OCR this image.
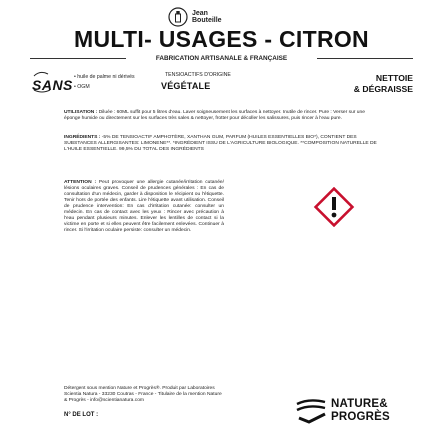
Jean
Bouteille
MULTI- USAGES - CITRON
FABRICATION ARTISANALE & FRANÇAISE
SANS • huile de palme ni dérivés
• OGM
TENSIOACTIFS D'ORIGINE
VÉGÉTALE
NETTOIE
& DÉGRAISSE
UTILISATION : Diluée : 60ML suffit pour 5 litres d'eau. Laver soigneusement les surfaces à nettoyer. Inutile de rincer. Pure : Verser sur une éponge humide ou directement sur les surfaces très sales & nettoyer, frotter pour décoller les salissures, puis rincer à l'eau pure.
INGRÉDIENTS : -5% DE TENSIOACTIF AMPHOTÈRE, XANTHAN GUM, PARFUM (HUILES ESSENTIELLES BIO*), CONTIENT DES SUBSTANCES ALLERGISANTES: LIMONENE**. *INGRÉDIENT ISSU DE L'AGRICULTURE BIOLOGIQUE. **COMPOSITION NATURELLE DE L'HUILE ESSENTIELLE. 99,5% DU TOTAL DES INGRÉDIENTS
ATTENTION : Peut provoquer une allergie cutanée/irritation cutanée/ lésions oculaires graves. Conseil de prudences générales : En cas de consultation d'un médecin, garder à disposition le récipient ou l'étiquette. Tenir hors de portée des enfants. Lire l'étiquette avant utilisation. Conseil de prudence intervention: En cas d'irritation cutanée: consulter un médecin. En cas de contact avec les yeux : Rincer avec précaution à l'eau pendant plusieurs minutes. Enlever les lentilles de contact si la victime en porte et si elles peuvent être facilement enlevées. Continuer à rincer. Si l'irritation oculaire persiste: consulter un médecin.
Détergent sous mention Nature et Progrès®. Produit par Laboratoires
Scientia Natura - 33230 Coutras - France - Titulaire de la mention Nature
& Progrès - info@scientianatura.com
N° DE LOT :
NATURE&
PROGRÈS
